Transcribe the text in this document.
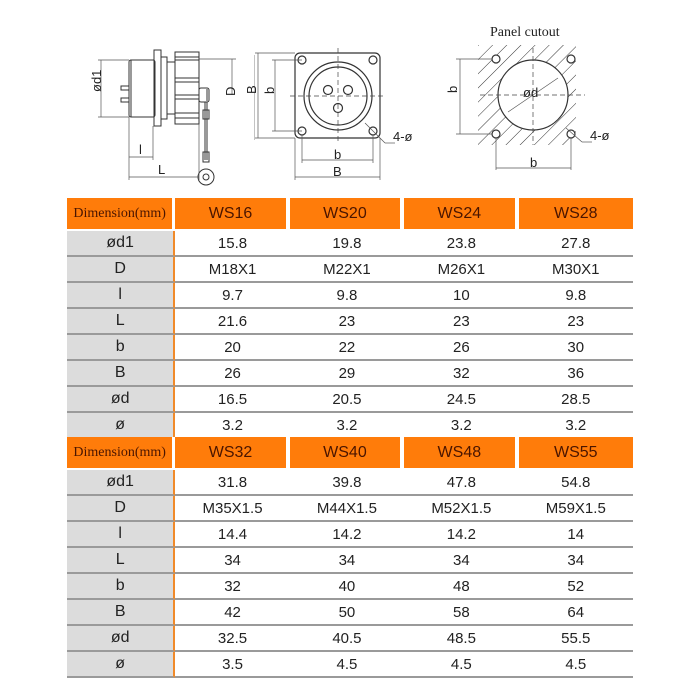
ød1	D
l
L
B b
b
B
4-ø
Panel cutout
ød
b
b
4-ø
Dimension(mm)	WS16	WS20	WS24	WS28
ød1	15.8	19.8	23.8	27.8
D	M18X1	M22X1	M26X1	M30X1
l	9.7	9.8	10	9.8
L	21.6	23	23	23
b	20	22	26	30
B	26	29	32	36
ød	16.5	20.5	24.5	28.5
ø	3.2	3.2	3.2	3.2
Dimension(mm)	WS32	WS40	WS48	WS55
ød1	31.8	39.8	47.8	54.8
D	M35X1.5	M44X1.5	M52X1.5	M59X1.5
l	14.4	14.2	14.2	14
L	34	34	34	34
b	32	40	48	52
B	42	50	58	64
ød	32.5	40.5	48.5	55.5
ø	3.5	4.5	4.5	4.5
